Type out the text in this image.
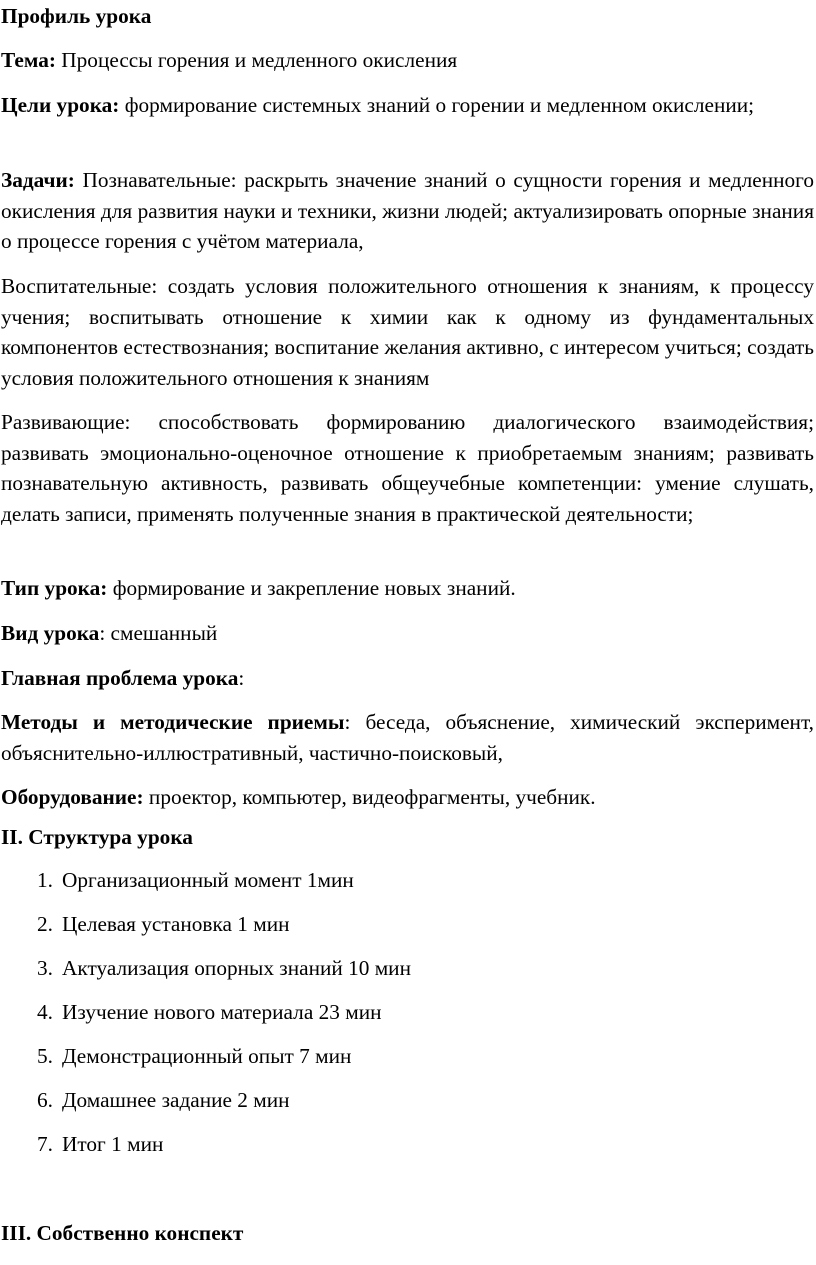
Профиль урока

Тема: Процессы горения и медленного окисления

Цели урока: формирование системных знаний о горении и медленном окислении;

Задачи: Познавательные: раскрыть значение знаний о сущности горения и медленного окисления для развития науки и техники, жизни людей; актуализировать опорные знания о процессе горения с учётом материала,

Воспитательные: создать условия положительного отношения к знаниям, к процессу учения; воспитывать отношение к химии как к одному из фундаментальных компонентов естествознания; воспитание желания активно, с интересом учиться; создать условия положительного отношения к знаниям

Развивающие: способствовать формированию диалогического взаимодействия; развивать эмоционально-оценочное отношение к приобретаемым знаниям; развивать познавательную активность, развивать общеучебные компетенции: умение слушать, делать записи, применять полученные знания в практической деятельности;

Тип урока: формирование и закрепление новых знаний.

Вид урока: смешанный

Главная проблема урока:

Методы и методические приемы: беседа, объяснение, химический эксперимент, объяснительно-иллюстративный, частично-поисковый,

Оборудование: проектор, компьютер, видеофрагменты, учебник.

II. Структура урока

1. Организационный момент 1мин
2. Целевая установка 1 мин
3. Актуализация опорных знаний 10 мин
4. Изучение нового материала 23 мин
5. Демонстрационный опыт 7 мин
6. Домашнее задание 2 мин
7. Итог 1 мин

III. Собственно конспект
